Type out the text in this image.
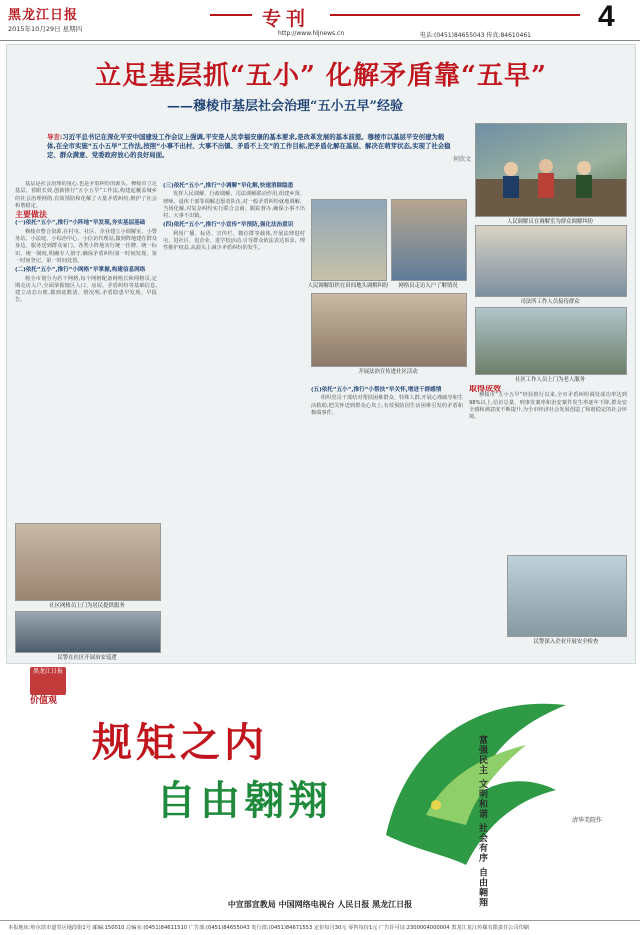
黑龙江日报
2015年10月29日 星期四	专刊
http://www.hljnews.cn	电话:(0451)84655043 传真:84610461
4
立足基层抓“五小” 化解矛盾靠“五早”
——穆棱市基层社会治理“五小五早”经验
导言:习近平总书记在深化平安中国建设工作会议上强调,平安是人民幸福安康的基本要求,是改革发展的基本前提。穆棱市以基层平安创建为载体,在全市实施“五小五早”工作法,按照“小事不出村、大事不出镇、矛盾不上交”的工作目标,把矛盾化解在基层、解决在萌芽状态,实现了社会稳定、群众满意、党委政府放心的良好局面。
何欣文
人民调解员在调解室为群众调解纠纷

基层是社会治理的重心,也是矛盾纠纷的源头。穆棱市立足基层、着眼长效,创新推行“五小五早”工作法,构建起覆盖城乡的社会治理网络,有效预防和化解了大量矛盾纠纷,维护了社会和谐稳定。

主要做法
(一)依托“五小”,推行“小阵地”早发现,夯实基层基础

穆棱市整合资源,在村屯、社区、企业建立小调解室、小警务站、小法庭、小综治中心、小信访代理站,做到阵地建在群众身边、服务送到群众家门。各类小阵地实行统一挂牌、统一标识、统一制度,明确专人值守,确保矛盾纠纷第一时间发现、第一时间登记、第一时间处置。

(二)依托“五小”,推行“小网格”早掌握,构建信息网络

将全市划分为若干网格,每个网格配备网格长和网格员,定期走访入户,全面掌握辖区人口、房屋、矛盾纠纷等基础信息,建立动态台账,做到底数清、情况明,矛盾隐患早发现、早报告。

(三)依托“五小”,推行“小调解”早化解,快速消除隐患

发挥人民调解、行政调解、司法调解联动作用,组建乡贤、律师、退休干部等调解志愿者队伍,对一般矛盾纠纷就地调解、当场化解,对复杂纠纷实行联合会商、跟踪督办,确保小事不出村、大事不出镇。

(四)依托“五小”,推行“小宣传”早预防,强化法治意识

利用广播、标语、宣传栏、微信群等载体,开展法律进村屯、进社区、进企业、进学校活动,引导群众依法表达诉求、理性维护权益,从源头上减少矛盾纠纷的发生。

人民调解组织在田间地头调解纠纷	网格员走访入户了解情况
司法所工作人员接待群众
开展法治宣传进社区活动
社区工作人员上门为老人服务
(五)依托“五小”,推行“小帮扶”早关怀,增进干群感情

组织党员干部结对帮扶困难群众、特殊人群,开展心理疏导和生活救助,把关怀送到群众心坎上,有效预防因生活困难引发的矛盾和极端事件。

取得成效

穆棱市“五小五早”经验推行以来,全市矛盾纠纷调处成功率达到98%以上,信访总量、刑事发案率和治安案件发生率逐年下降,群众安全感和满意度不断提升,为全市经济社会发展创造了和谐稳定的社会环境。

民警深入企业开展安全检查
社区网格员上门为居民提供服务
民警在社区开展治安巡逻
黑龙江日报
价值观
规矩之内
自由翱翔	富强民主 文明和谐 社会有序 自由翱翔	清华美院作
中宣部宣教局 中国网络电视台 人民日报 黑龙江日报
本报地址:哈尔滨市道里区地段街1号 邮编:150010 总编室:(0451)84611510 广告部:(0451)84655043 发行部:(0451)84671553 定价每月30元 零售每份1元 广告许可证:2300004000004 黑龙江龙江传媒有限责任公司印刷
